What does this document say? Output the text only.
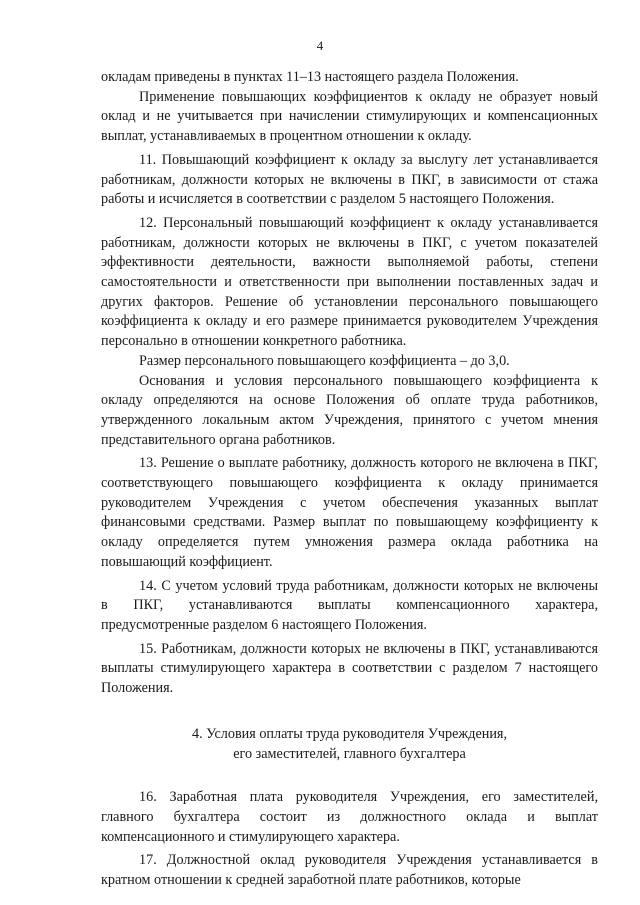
4

окладам приведены в пунктах 11–13 настоящего раздела Положения.

Применение повышающих коэффициентов к окладу не образует новый оклад и не учитывается при начислении стимулирующих и компенсационных выплат, устанавливаемых в процентном отношении к окладу.

11. Повышающий коэффициент к окладу за выслугу лет устанавливается работникам, должности которых не включены в ПКГ, в зависимости от стажа работы и исчисляется в соответствии с разделом 5 настоящего Положения.

12. Персональный повышающий коэффициент к окладу устанавливается работникам, должности которых не включены в ПКГ, с учетом показателей эффективности деятельности, важности выполняемой работы, степени самостоятельности и ответственности при выполнении поставленных задач и других факторов. Решение об установлении персонального повышающего коэффициента к окладу и его размере принимается руководителем Учреждения персонально в отношении конкретного работника.

Размер персонального повышающего коэффициента – до 3,0.

Основания и условия персонального повышающего коэффициента к окладу определяются на основе Положения об оплате труда работников, утвержденного локальным актом Учреждения, принятого с учетом мнения представительного органа работников.

13. Решение о выплате работнику, должность которого не включена в ПКГ, соответствующего повышающего коэффициента к окладу принимается руководителем Учреждения с учетом обеспечения указанных выплат финансовыми средствами. Размер выплат по повышающему коэффициенту к окладу определяется путем умножения размера оклада работника на повышающий коэффициент.

14. С учетом условий труда работникам, должности которых не включены в ПКГ, устанавливаются выплаты компенсационного характера, предусмотренные разделом 6 настоящего Положения.

15. Работникам, должности которых не включены в ПКГ, устанавливаются выплаты стимулирующего характера в соответствии с разделом 7 настоящего Положения.

4. Условия оплаты труда руководителя Учреждения,
его заместителей, главного бухгалтера

16. Заработная плата руководителя Учреждения, его заместителей, главного бухгалтера состоит из должностного оклада и выплат компенсационного и стимулирующего характера.

17. Должностной оклад руководителя Учреждения устанавливается в кратном отношении к средней заработной плате работников, которые
